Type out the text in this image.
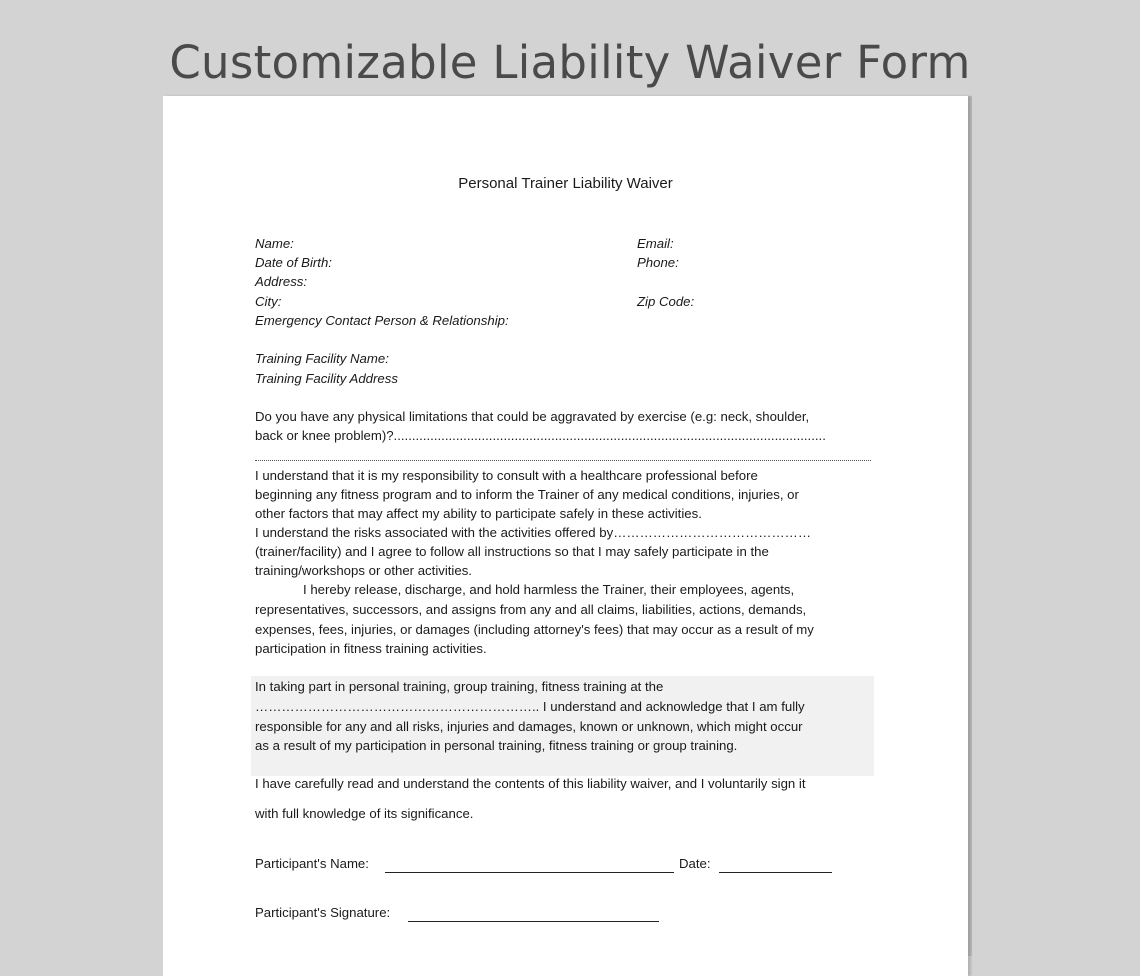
Customizable Liability Waiver Form
Personal Trainer Liability Waiver
Name:	Email:
Date of Birth:	Phone:
Address:
City:	Zip Code:
Emergency Contact Person & Relationship:
Training Facility Name:
Training Facility Address
Do you have any physical limitations that could be aggravated by exercise (e.g: neck, shoulder,
back or knee problem)?......................................................................................................................
I understand that it is my responsibility to consult with a healthcare professional before
beginning any fitness program and to inform the Trainer of any medical conditions, injuries, or
other factors that may affect my ability to participate safely in these activities.
I understand the risks associated with the activities offered by………………………………………
(trainer/facility) and I agree to follow all instructions so that I may safely participate in the
training/workshops or other activities.
I hereby release, discharge, and hold harmless the Trainer, their employees, agents,
representatives, successors, and assigns from any and all claims, liabilities, actions, demands,
expenses, fees, injuries, or damages (including attorney's fees) that may occur as a result of my
participation in fitness training activities.
In taking part in personal training, group training, fitness training at the
……………………………………………………….. I understand and acknowledge that I am fully
responsible for any and all risks, injuries and damages, known or unknown, which might occur
as a result of my participation in personal training, fitness training or group training.
I have carefully read and understand the contents of this liability waiver, and I voluntarily sign it
with full knowledge of its significance.
Participant's Name:	Date:
Participant's Signature:
